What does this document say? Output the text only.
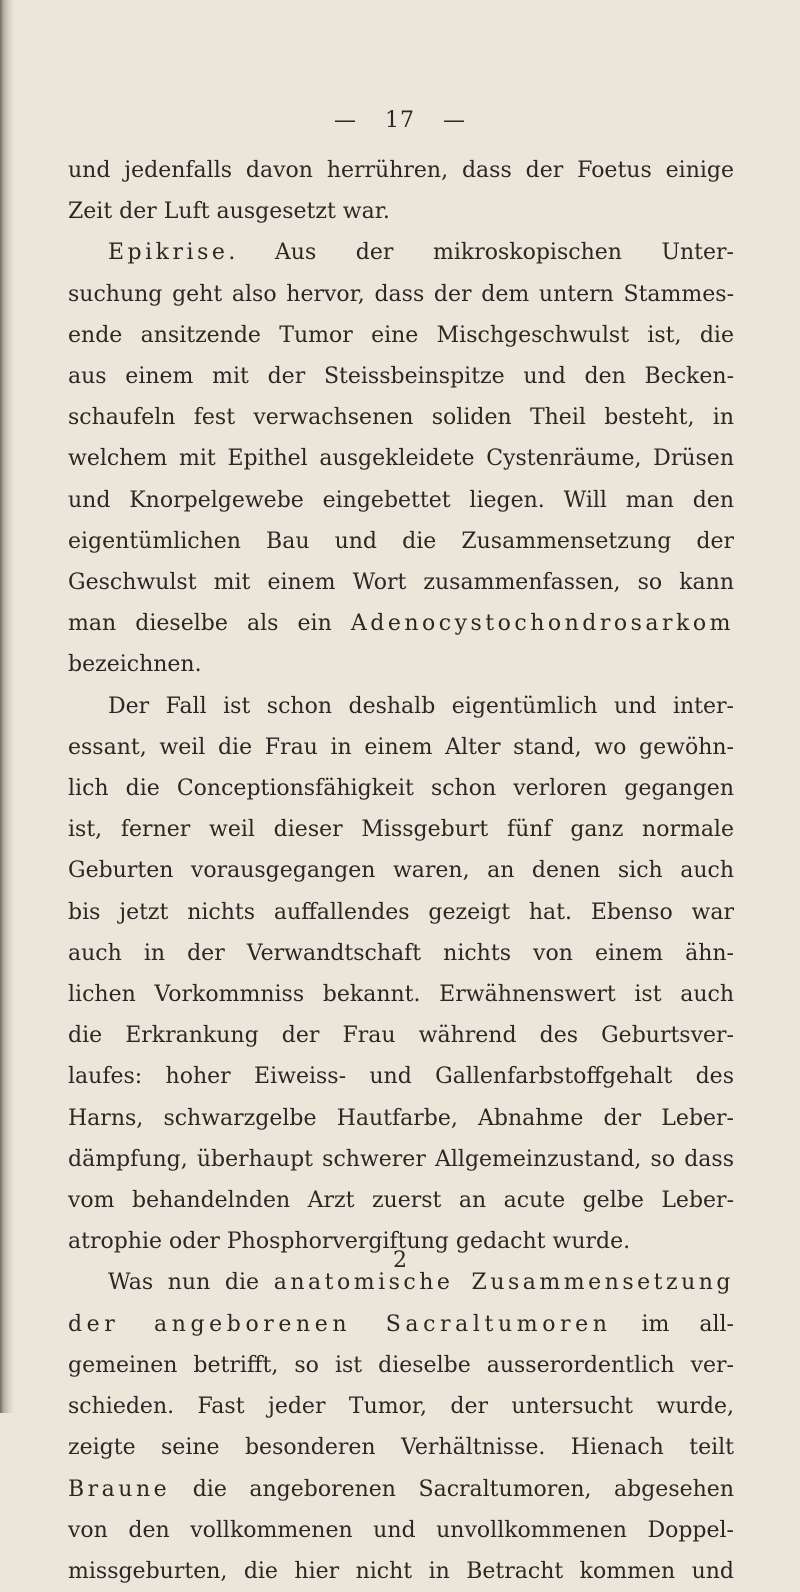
— 17 —
und jedenfalls davon herrühren, dass der Foetus einige
Zeit der Luft ausgesetzt war.
Epikrise. Aus der mikroskopischen Unter-
suchung geht also hervor, dass der dem untern Stammes-
ende ansitzende Tumor eine Mischgeschwulst ist, die
aus einem mit der Steissbeinspitze und den Becken-
schaufeln fest verwachsenen soliden Theil besteht, in
welchem mit Epithel ausgekleidete Cystenräume, Drüsen
und Knorpelgewebe eingebettet liegen. Will man den
eigentümlichen Bau und die Zusammensetzung der
Geschwulst mit einem Wort zusammenfassen, so kann
man dieselbe als ein Adenocystochondrosarkom
bezeichnen.
Der Fall ist schon deshalb eigentümlich und inter-
essant, weil die Frau in einem Alter stand, wo gewöhn-
lich die Conceptionsfähigkeit schon verloren gegangen
ist, ferner weil dieser Missgeburt fünf ganz normale
Geburten vorausgegangen waren, an denen sich auch
bis jetzt nichts auffallendes gezeigt hat. Ebenso war
auch in der Verwandtschaft nichts von einem ähn-
lichen Vorkommniss bekannt. Erwähnenswert ist auch
die Erkrankung der Frau während des Geburtsver-
laufes: hoher Eiweiss- und Gallenfarbstoffgehalt des
Harns, schwarzgelbe Hautfarbe, Abnahme der Leber-
dämpfung, überhaupt schwerer Allgemeinzustand, so dass
vom behandelnden Arzt zuerst an acute gelbe Leber-
atrophie oder Phosphorvergiftung gedacht wurde.
Was nun die anatomische Zusammensetzung
der angeborenen Sacraltumoren im all-
gemeinen betrifft, so ist dieselbe ausserordentlich ver-
schieden. Fast jeder Tumor, der untersucht wurde,
zeigte seine besonderen Verhältnisse. Hienach teilt
Braune die angeborenen Sacraltumoren, abgesehen
von den vollkommenen und unvollkommenen Doppel-
missgeburten, die hier nicht in Betracht kommen und
2
